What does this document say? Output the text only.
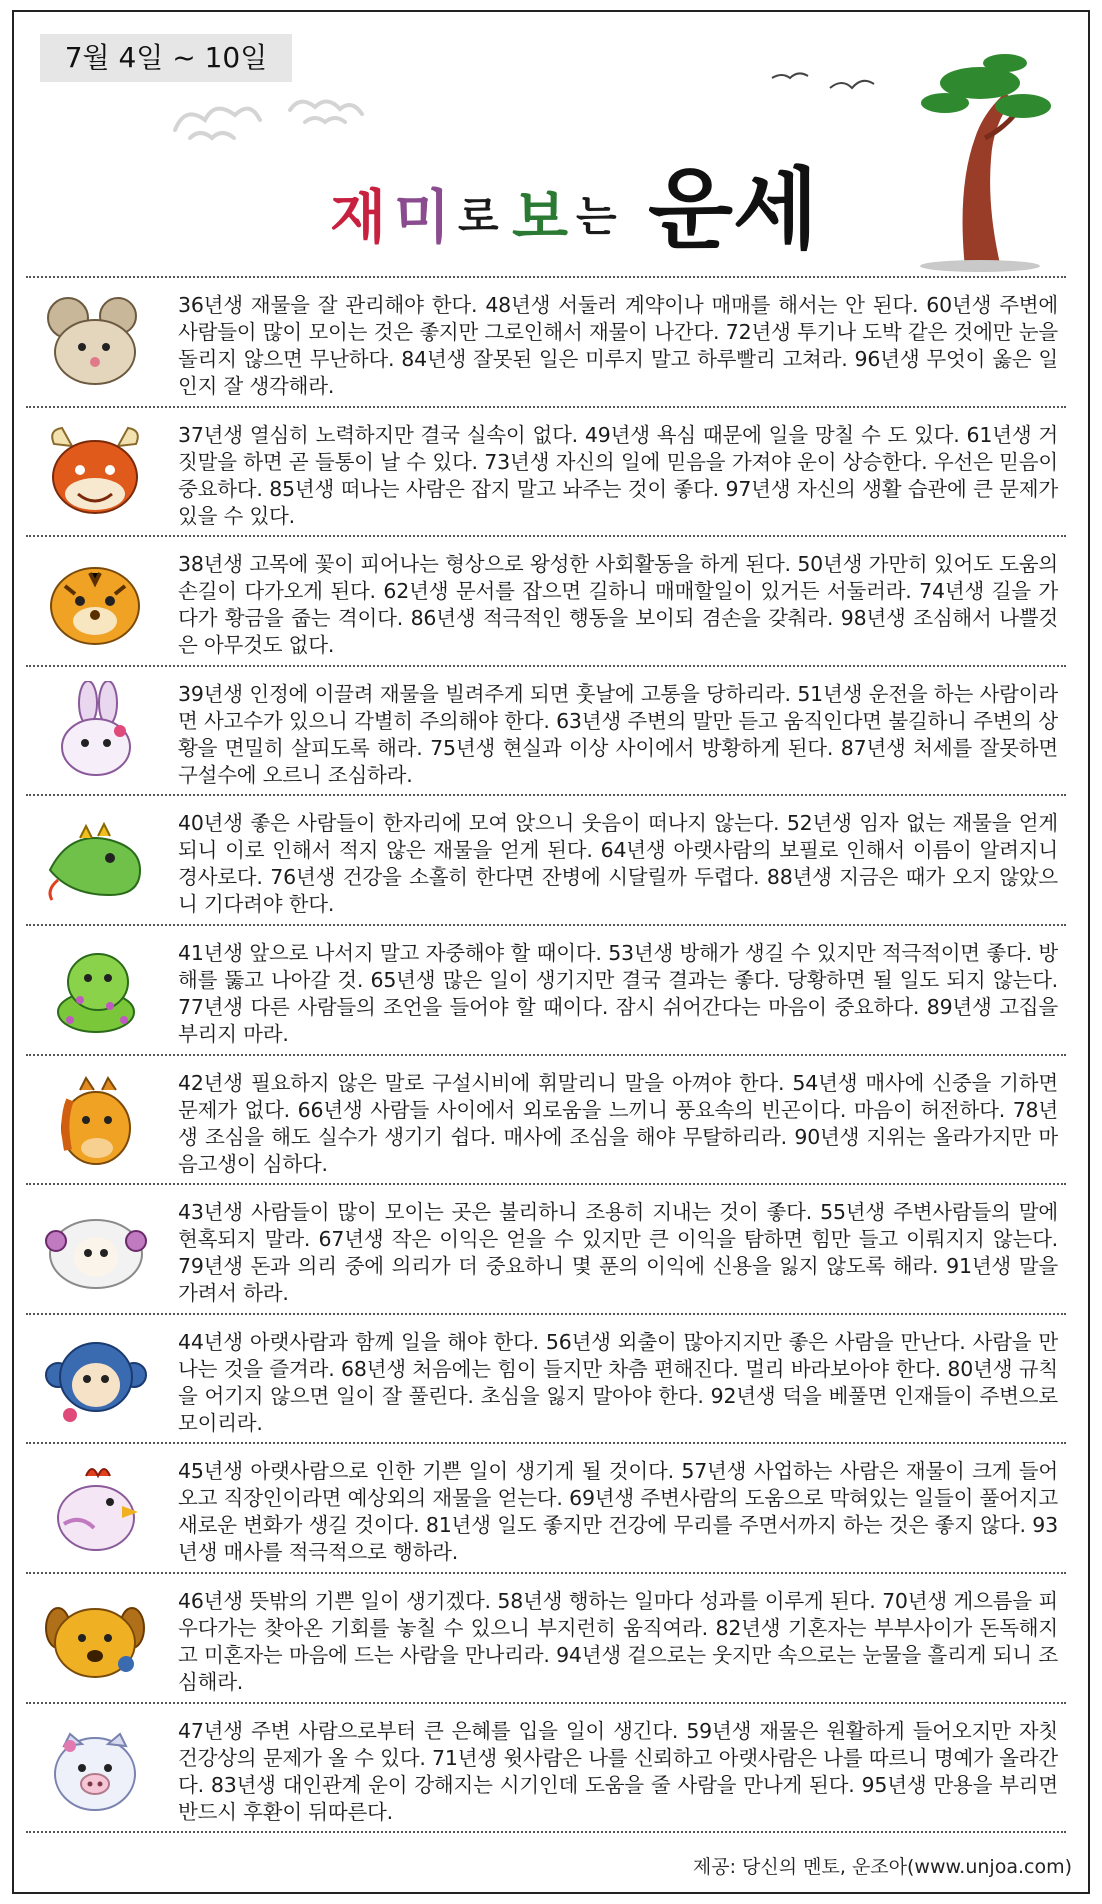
7월 4일 ~ 10일
재 미 로 보 는 운세
36년생 재물을 잘 관리해야 한다. 48년생 서둘러 계약이나 매매를 해서는 안 된다. 60년생 주변에 사람들이 많이 모이는 것은 좋지만 그로인해서 재물이 나간다. 72년생 투기나 도박 같은 것에만 눈을 돌리지 않으면 무난하다. 84년생 잘못된 일은 미루지 말고 하루빨리 고쳐라. 96년생 무엇이 옳은 일인지 잘 생각해라.
37년생 열심히 노력하지만 결국 실속이 없다. 49년생 욕심 때문에 일을 망칠 수 도 있다. 61년생 거짓말을 하면 곧 들통이 날 수 있다. 73년생 자신의 일에 믿음을 가져야 운이 상승한다. 우선은 믿음이 중요하다. 85년생 떠나는 사람은 잡지 말고 놔주는 것이 좋다. 97년생 자신의 생활 습관에 큰 문제가 있을 수 있다.
38년생 고목에 꽃이 피어나는 형상으로 왕성한 사회활동을 하게 된다. 50년생 가만히 있어도 도움의 손길이 다가오게 된다. 62년생 문서를 잡으면 길하니 매매할일이 있거든 서둘러라. 74년생 길을 가다가 황금을 줍는 격이다. 86년생 적극적인 행동을 보이되 겸손을 갖춰라. 98년생 조심해서 나쁠것은 아무것도 없다.
39년생 인정에 이끌려 재물을 빌려주게 되면 훗날에 고통을 당하리라. 51년생 운전을 하는 사람이라면 사고수가 있으니 각별히 주의해야 한다. 63년생 주변의 말만 듣고 움직인다면 불길하니 주변의 상황을 면밀히 살피도록 해라. 75년생 현실과 이상 사이에서 방황하게 된다. 87년생 처세를 잘못하면 구설수에 오르니 조심하라.
40년생 좋은 사람들이 한자리에 모여 앉으니 웃음이 떠나지 않는다. 52년생 임자 없는 재물을 얻게 되니 이로 인해서 적지 않은 재물을 얻게 된다. 64년생 아랫사람의 보필로 인해서 이름이 알려지니 경사로다. 76년생 건강을 소홀히 한다면 잔병에 시달릴까 두렵다. 88년생 지금은 때가 오지 않았으니 기다려야 한다.
41년생 앞으로 나서지 말고 자중해야 할 때이다. 53년생 방해가 생길 수 있지만 적극적이면 좋다. 방해를 뚫고 나아갈 것. 65년생 많은 일이 생기지만 결국 결과는 좋다. 당황하면 될 일도 되지 않는다. 77년생 다른 사람들의 조언을 들어야 할 때이다. 잠시 쉬어간다는 마음이 중요하다. 89년생 고집을 부리지 마라.
42년생 필요하지 않은 말로 구설시비에 휘말리니 말을 아껴야 한다. 54년생 매사에 신중을 기하면 문제가 없다. 66년생 사람들 사이에서 외로움을 느끼니 풍요속의 빈곤이다. 마음이 허전하다. 78년생 조심을 해도 실수가 생기기 쉽다. 매사에 조심을 해야 무탈하리라. 90년생 지위는 올라가지만 마음고생이 심하다.
43년생 사람들이 많이 모이는 곳은 불리하니 조용히 지내는 것이 좋다. 55년생 주변사람들의 말에 현혹되지 말라. 67년생 작은 이익은 얻을 수 있지만 큰 이익을 탐하면 힘만 들고 이뤄지지 않는다. 79년생 돈과 의리 중에 의리가 더 중요하니 몇 푼의 이익에 신용을 잃지 않도록 해라. 91년생 말을 가려서 하라.
44년생 아랫사람과 함께 일을 해야 한다. 56년생 외출이 많아지지만 좋은 사람을 만난다. 사람을 만나는 것을 즐겨라. 68년생 처음에는 힘이 들지만 차츰 편해진다. 멀리 바라보아야 한다. 80년생 규칙을 어기지 않으면 일이 잘 풀린다. 초심을 잃지 말아야 한다. 92년생 덕을 베풀면 인재들이 주변으로 모이리라.
45년생 아랫사람으로 인한 기쁜 일이 생기게 될 것이다. 57년생 사업하는 사람은 재물이 크게 들어오고 직장인이라면 예상외의 재물을 얻는다. 69년생 주변사람의 도움으로 막혀있는 일들이 풀어지고 새로운 변화가 생길 것이다. 81년생 일도 좋지만 건강에 무리를 주면서까지 하는 것은 좋지 않다. 93년생 매사를 적극적으로 행하라.
46년생 뜻밖의 기쁜 일이 생기겠다. 58년생 행하는 일마다 성과를 이루게 된다. 70년생 게으름을 피우다가는 찾아온 기회를 놓칠 수 있으니 부지런히 움직여라. 82년생 기혼자는 부부사이가 돈독해지고 미혼자는 마음에 드는 사람을 만나리라. 94년생 겉으로는 웃지만 속으로는 눈물을 흘리게 되니 조심해라.
47년생 주변 사람으로부터 큰 은혜를 입을 일이 생긴다. 59년생 재물은 원활하게 들어오지만 자칫 건강상의 문제가 올 수 있다. 71년생 윗사람은 나를 신뢰하고 아랫사람은 나를 따르니 명예가 올라간다. 83년생 대인관계 운이 강해지는 시기인데 도움을 줄 사람을 만나게 된다. 95년생 만용을 부리면 반드시 후환이 뒤따른다.
제공: 당신의 멘토, 운조아(www.unjoa.com)
